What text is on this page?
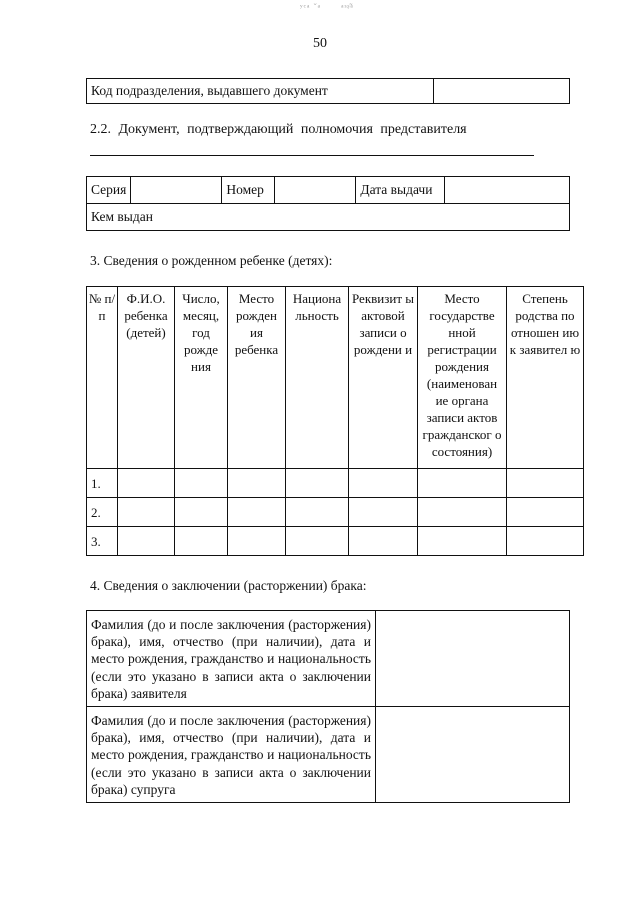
ʸᶜᵃ ˘ᵃ  ᵃˢᶳ̃ᵃ
50
Код подразделения, выдавшего документ	
2.2. Документ, подтверждающий полномочия представителя
Серия		Номер		Дата выдачи	
Кем выдан
3. Сведения о рожденном ребенке (детях):
№ п/п	Ф.И.О. ребенка (детей)	Число, месяц, год рожде ния	Место рожден ия ребенка	Национа льность	Реквизит ы актовой записи о рождени и	Место государстве нной регистрации рождения (наименован ие органа записи актов гражданског о состояния)	Степень родства по отношен ию к заявител ю
1.							
2.							
3.							
4. Сведения о заключении (расторжении) брака:
Фамилия (до и после заключения (расторжения) брака), имя, отчество (при наличии), дата и место рождения, гражданство и национальность (если это указано в записи акта о заключении брака) заявителя	
Фамилия (до и после заключения (расторжения) брака), имя, отчество (при наличии), дата и место рождения, гражданство и национальность (если это указано в записи акта о заключении брака) супруга	
